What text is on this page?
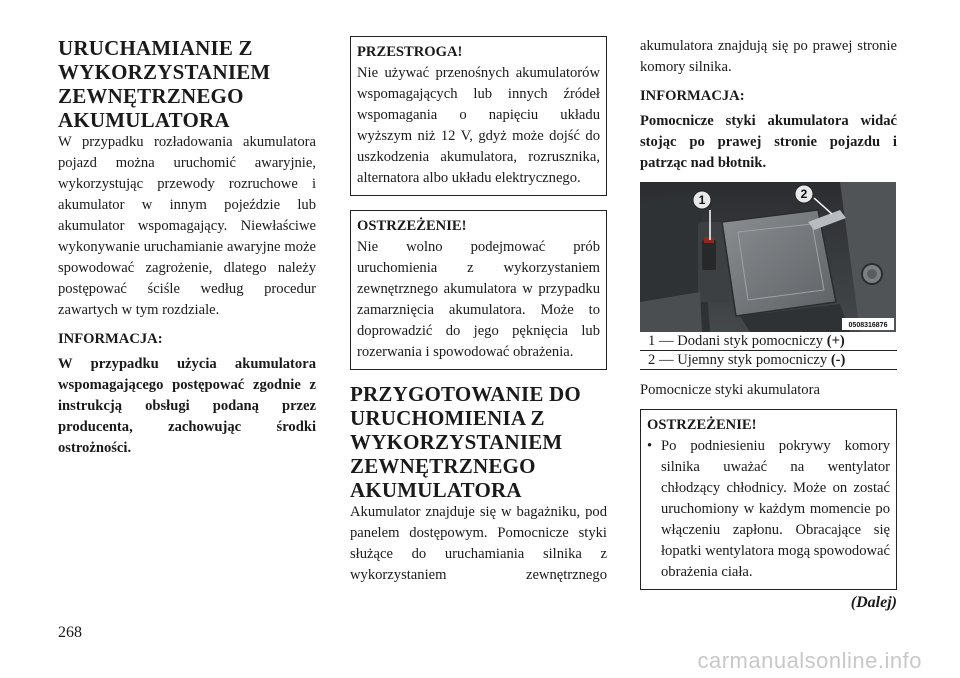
URUCHAMIANIE Z
WYKORZYSTANIEM
ZEWNĘTRZNEGO
AKUMULATORA

W przypadku rozładowania akumulatora pojazd można uruchomić awaryjnie, wykorzystując przewody rozruchowe i akumulator w innym pojeździe lub akumulator wspomagający. Niewłaściwe wykonywanie uruchamianie awaryjne może spowodować zagrożenie, dlatego należy postępować ściśle według procedur zawartych w tym rozdziale.

INFORMACJA:

W przypadku użycia akumulatora wspomagającego postępować zgodnie z instrukcją obsługi podaną przez producenta, zachowując środki ostrożności.

PRZESTROGA!
Nie używać przenośnych akumulatorów wspomagających lub innych źródeł wspomagania o napięciu układu wyższym niż 12 V, gdyż może dojść do uszkodzenia akumulatora, rozrusznika, alternatora albo układu elektrycznego.
OSTRZEŻENIE!
Nie wolno podejmować prób uruchomienia z wykorzystaniem zewnętrznego akumulatora w przypadku zamarznięcia akumulatora. Może to doprowadzić do jego pęknięcia lub rozerwania i spowodować obrażenia.
PRZYGOTOWANIE DO
URUCHOMIENIA Z
WYKORZYSTANIEM
ZEWNĘTRZNEGO
AKUMULATORA

Akumulator znajduje się w bagażniku, pod panelem dostępowym. Pomocnicze styki służące do uruchamiania silnika z wykorzystaniem zewnętrznego

akumulatora znajdują się po prawej stronie komory silnika.

INFORMACJA:

Pomocnicze styki akumulatora widać stojąc po prawej stronie pojazdu i patrząc nad błotnik.

1	2
0508316876
1 — Dodani styk pomocniczy (+)
2 — Ujemny styk pomocniczy (-)
Pomocnicze styki akumulatora
OSTRZEŻENIE!
• Po podniesieniu pokrywy komory silnika uważać na wentylator chłodzący chłodnicy. Może on zostać uruchomiony w każdym momencie po włączeniu zapłonu. Obracające się łopatki wentylatora mogą spowodować obrażenia ciała.
(Dalej)
268
carmanualsonline.info
